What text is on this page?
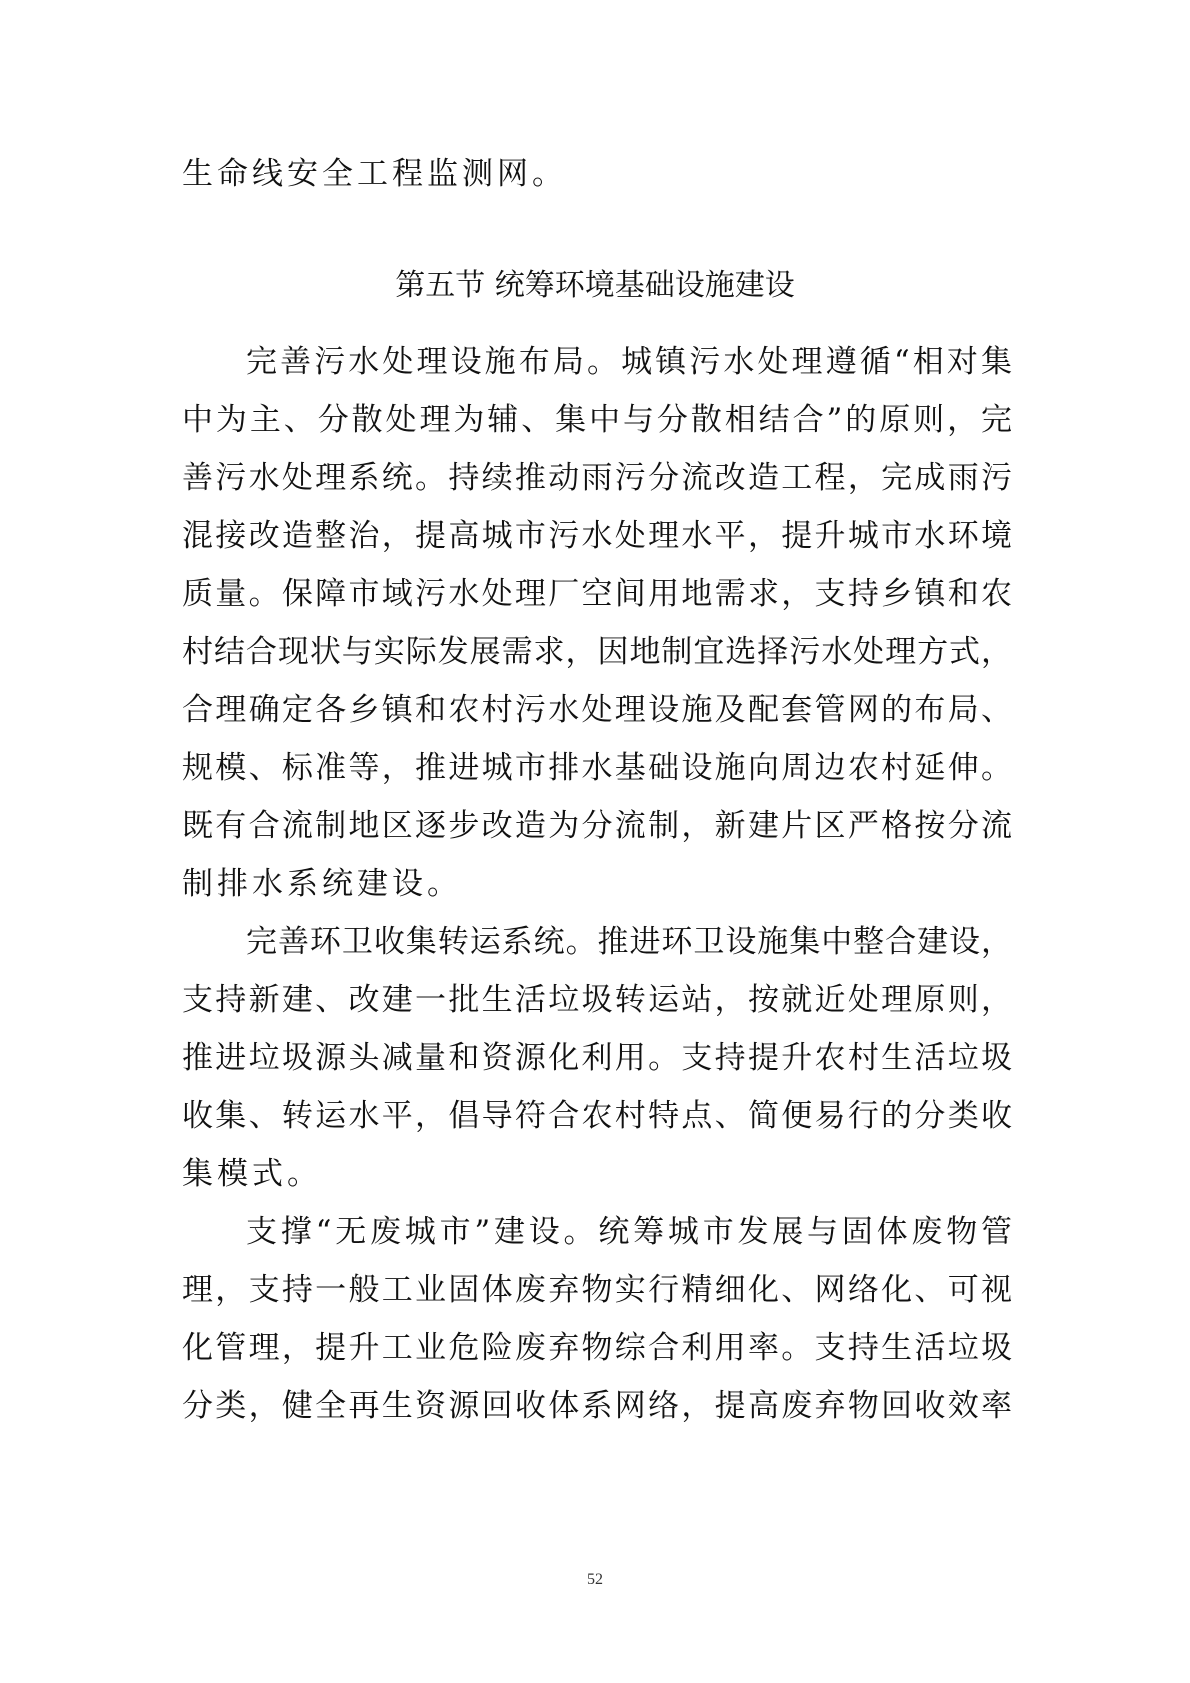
生命线安全工程监测网。
第五节 统筹环境基础设施建设
完善污水处理设施布局。城镇污水处理遵循“相对集
中为主、分散处理为辅、集中与分散相结合”的原则，完
善污水处理系统。持续推动雨污分流改造工程，完成雨污
混接改造整治，提高城市污水处理水平，提升城市水环境
质量。保障市域污水处理厂空间用地需求，支持乡镇和农
村结合现状与实际发展需求，因地制宜选择污水处理方式，
合理确定各乡镇和农村污水处理设施及配套管网的布局、
规模、标准等，推进城市排水基础设施向周边农村延伸。
既有合流制地区逐步改造为分流制，新建片区严格按分流
制排水系统建设。
完善环卫收集转运系统。推进环卫设施集中整合建设，
支持新建、改建一批生活垃圾转运站，按就近处理原则，
推进垃圾源头减量和资源化利用。支持提升农村生活垃圾
收集、转运水平，倡导符合农村特点、简便易行的分类收
集模式。
支撑“无废城市”建设。统筹城市发展与固体废物管
理，支持一般工业固体废弃物实行精细化、网络化、可视
化管理，提升工业危险废弃物综合利用率。支持生活垃圾
分类，健全再生资源回收体系网络，提高废弃物回收效率
52
